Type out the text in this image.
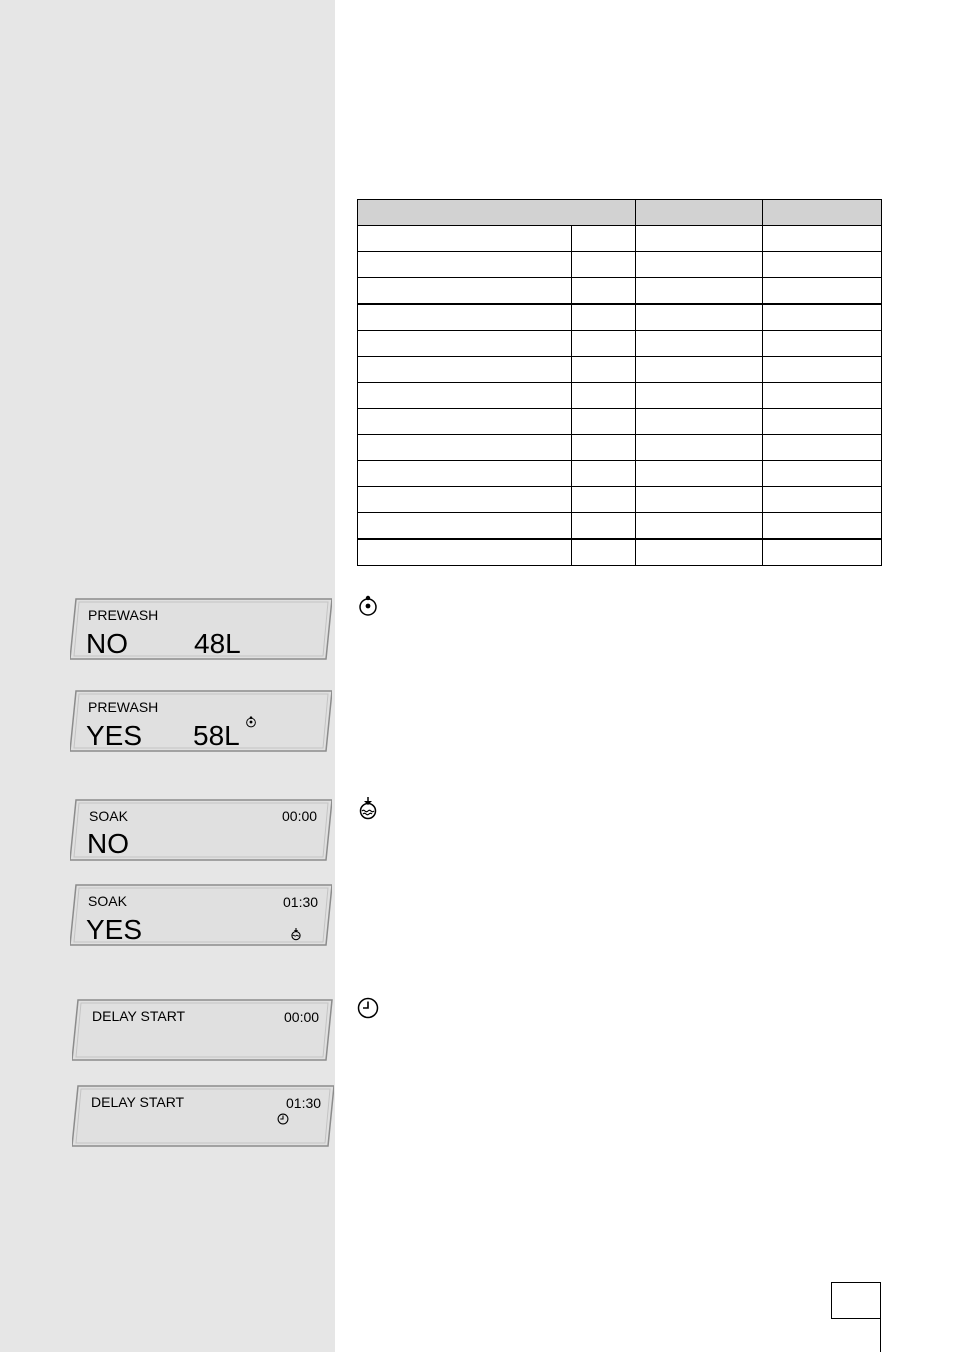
PREWASH
NO 48L
PREWASH
YES 58L
SOAK	00:00
NO
SOAK	01:30
YES
DELAY START	00:00
DELAY START	01:30
